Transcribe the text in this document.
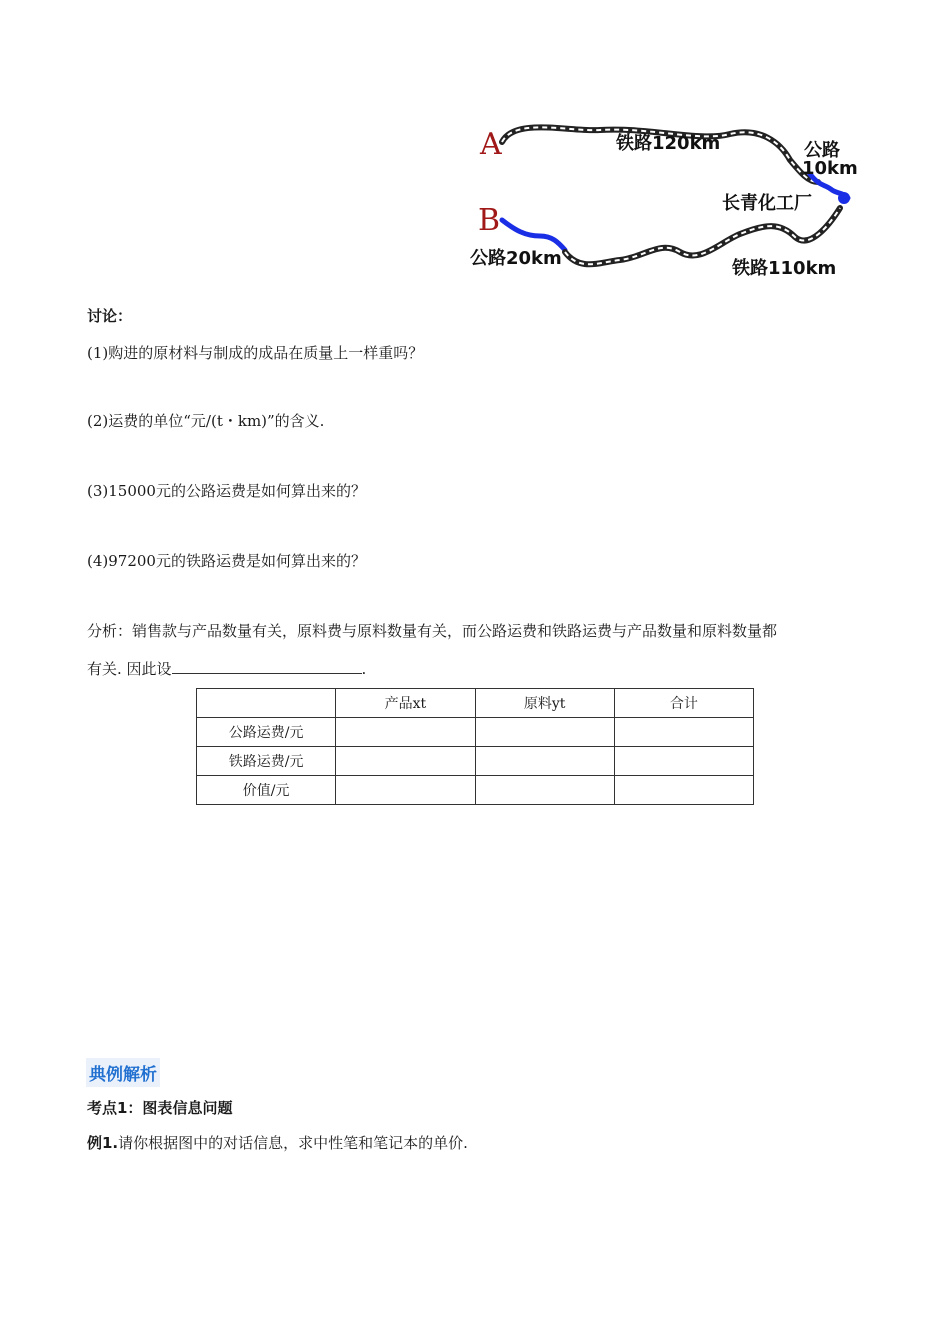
A
B
铁路120km	公路
10km
长青化工厂
公路20km	铁路110km
讨论：
(1)购进的原材料与制成的成品在质量上一样重吗？
(2)运费的单位“元/(t・km)”的含义.
(3)15000元的公路运费是如何算出来的？
(4)97200元的铁路运费是如何算出来的？
分析：销售款与产品数量有关，原料费与原料数量有关，而公路运费和铁路运费与产品数量和原料数量都
有关. 因此设	.
	产品xt	原料yt	合计
公路运费/元			
铁路运费/元			
价值/元			
典例解析
考点1：图表信息问题
例1.请你根据图中的对话信息，求中性笔和笔记本的单价.
